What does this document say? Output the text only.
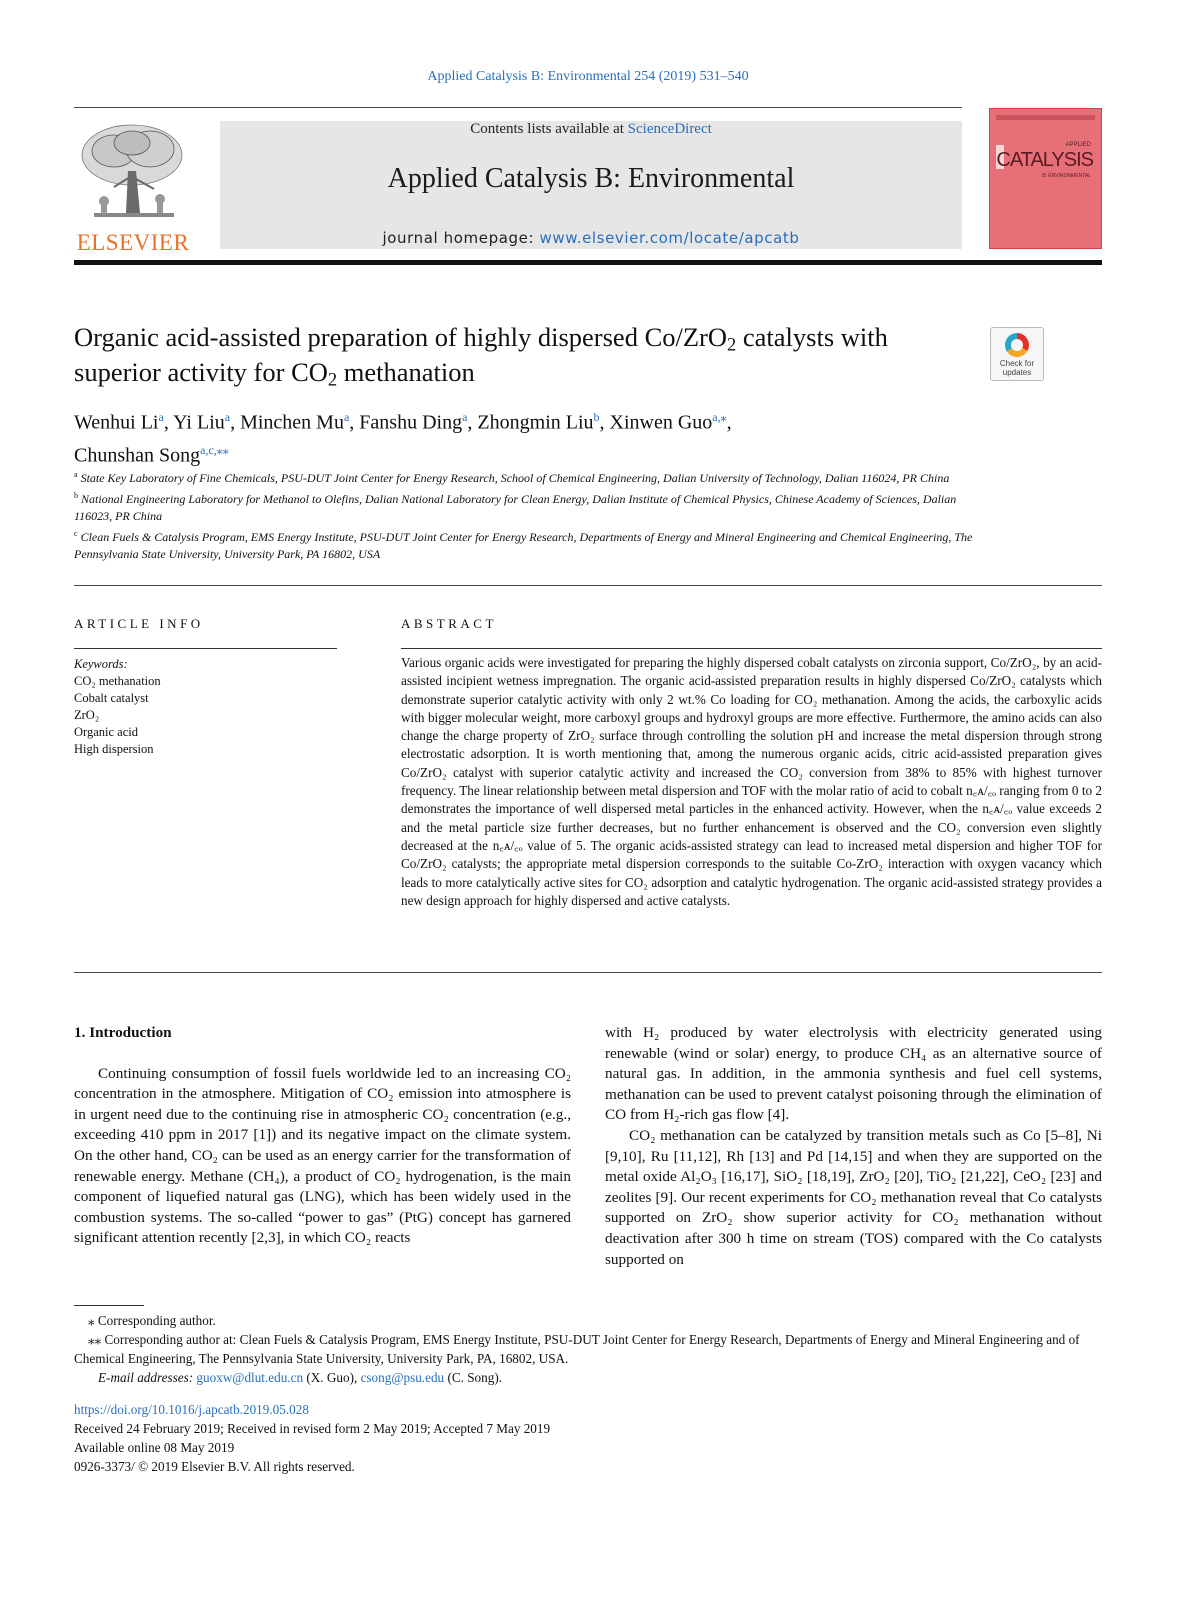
Applied Catalysis B: Environmental 254 (2019) 531–540
ELSEVIER
Contents lists available at ScienceDirect
Applied Catalysis B: Environmental
journal homepage: www.elsevier.com/locate/apcatb
APPLIED
CATALYSIS
B: ENVIRONMENTAL
Organic acid-assisted preparation of highly dispersed Co/ZrO$_2$ catalysts with superior activity for $CO_2$ methanation	Check for updates
Wenhui Li$^a$, Yi Liu$^a$, Minchen Mu$^a$, Fanshu Ding$^a$, Zhongmin Liu$^b$, Xinwen Guo$^{a,⁎}$,
Chunshan Song$^{a,c,⁎⁎}$

$^a$ State Key Laboratory of Fine Chemicals, PSU-DUT Joint Center for Energy Research, School of Chemical Engineering, Dalian University of Technology, Dalian 116024, PR China

$^b$ National Engineering Laboratory for Methanol to Olefins, Dalian National Laboratory for Clean Energy, Dalian Institute of Chemical Physics, Chinese Academy of Sciences, Dalian 116023, PR China

$^c$ Clean Fuels & Catalysis Program, EMS Energy Institute, PSU-DUT Joint Center for Energy Research, Departments of Energy and Mineral Engineering and Chemical Engineering, The Pennsylvania State University, University Park, PA 16802, USA

ARTICLE INFO
Keywords:
CO₂ methanation
Cobalt catalyst
ZrO₂
Organic acid
High dispersion
ABSTRACT
Various organic acids were investigated for preparing the highly dispersed cobalt catalysts on zirconia support, Co/ZrO₂, by an acid-assisted incipient wetness impregnation. The organic acid-assisted preparation results in highly dispersed Co/ZrO₂ catalysts which demonstrate superior catalytic activity with only 2 wt.% Co loading for CO₂ methanation. Among the acids, the carboxylic acids with bigger molecular weight, more carboxyl groups and hydroxyl groups are more effective. Furthermore, the amino acids can also change the charge property of ZrO₂ surface through controlling the solution pH and increase the metal dispersion through strong electrostatic adsorption. It is worth mentioning that, among the numerous organic acids, citric acid-assisted preparation gives Co/ZrO₂ catalyst with superior catalytic activity and increased the CO₂ conversion from 38% to 85% with highest turnover frequency. The linear relationship between metal dispersion and TOF with the molar ratio of acid to cobalt n꜀ᴀ/꜀ₒ ranging from 0 to 2 demonstrates the importance of well dispersed metal particles in the enhanced activity. However, when the n꜀ᴀ/꜀ₒ value exceeds 2 and the metal particle size further decreases, but no further enhancement is observed and the CO₂ conversion even slightly decreased at the n꜀ᴀ/꜀ₒ value of 5. The organic acids-assisted strategy can lead to increased metal dispersion and higher TOF for Co/ZrO₂ catalysts; the appropriate metal dispersion corresponds to the suitable Co-ZrO₂ interaction with oxygen vacancy which leads to more catalytically active sites for CO₂ adsorption and catalytic hydrogenation. The organic acid-assisted strategy provides a new design approach for highly dispersed and active catalysts.

1. Introduction

Continuing consumption of fossil fuels worldwide led to an increasing CO₂ concentration in the atmosphere. Mitigation of CO₂ emission into atmosphere is in urgent need due to the continuing rise in atmospheric CO₂ concentration (e.g., exceeding 410 ppm in 2017 [1]) and its negative impact on the climate system. On the other hand, CO₂ can be used as an energy carrier for the transformation of renewable energy. Methane (CH₄), a product of CO₂ hydrogenation, is the main component of liquefied natural gas (LNG), which has been widely used in the combustion systems. The so-called “power to gas” (PtG) concept has garnered significant attention recently [2,3], in which CO₂ reacts

with H₂ produced by water electrolysis with electricity generated using renewable (wind or solar) energy, to produce CH₄ as an alternative source of natural gas. In addition, in the ammonia synthesis and fuel cell systems, methanation can be used to prevent catalyst poisoning through the elimination of CO from H₂-rich gas flow [4].

CO₂ methanation can be catalyzed by transition metals such as Co [5–8], Ni [9,10], Ru [11,12], Rh [13] and Pd [14,15] and when they are supported on the metal oxide Al₂O₃ [16,17], SiO₂ [18,19], ZrO₂ [20], TiO₂ [21,22], CeO₂ [23] and zeolites [9]. Our recent experiments for CO₂ methanation reveal that Co catalysts supported on ZrO₂ show superior activity for CO₂ methanation without deactivation after 300 h time on stream (TOS) compared with the Co catalysts supported on

⁎ Corresponding author.

⁎⁎ Corresponding author at: Clean Fuels & Catalysis Program, EMS Energy Institute, PSU-DUT Joint Center for Energy Research, Departments of Energy and Mineral Engineering and of Chemical Engineering, The Pennsylvania State University, University Park, PA, 16802, USA.

E-mail addresses: guoxw@dlut.edu.cn (X. Guo), csong@psu.edu (C. Song).

https://doi.org/10.1016/j.apcatb.2019.05.028

Received 24 February 2019; Received in revised form 2 May 2019; Accepted 7 May 2019

Available online 08 May 2019

0926-3373/ © 2019 Elsevier B.V. All rights reserved.
